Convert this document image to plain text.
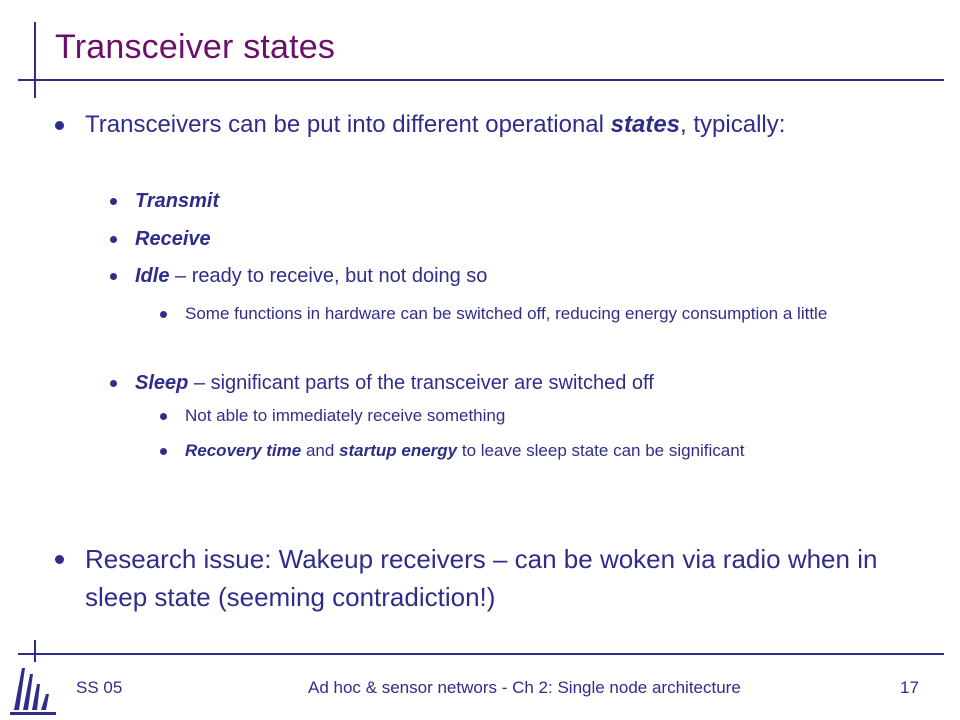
Transceiver states
Transceivers can be put into different operational states, typically:
Transmit
Receive
Idle – ready to receive, but not doing so
Some functions in hardware can be switched off, reducing energy consumption a little
Sleep – significant parts of the transceiver are switched off
Not able to immediately receive something
Recovery time and startup energy to leave sleep state can be significant
Research issue: Wakeup receivers – can be woken via radio when in sleep state (seeming contradiction!)
SS 05	Ad hoc & sensor networs - Ch 2: Single node architecture	17
